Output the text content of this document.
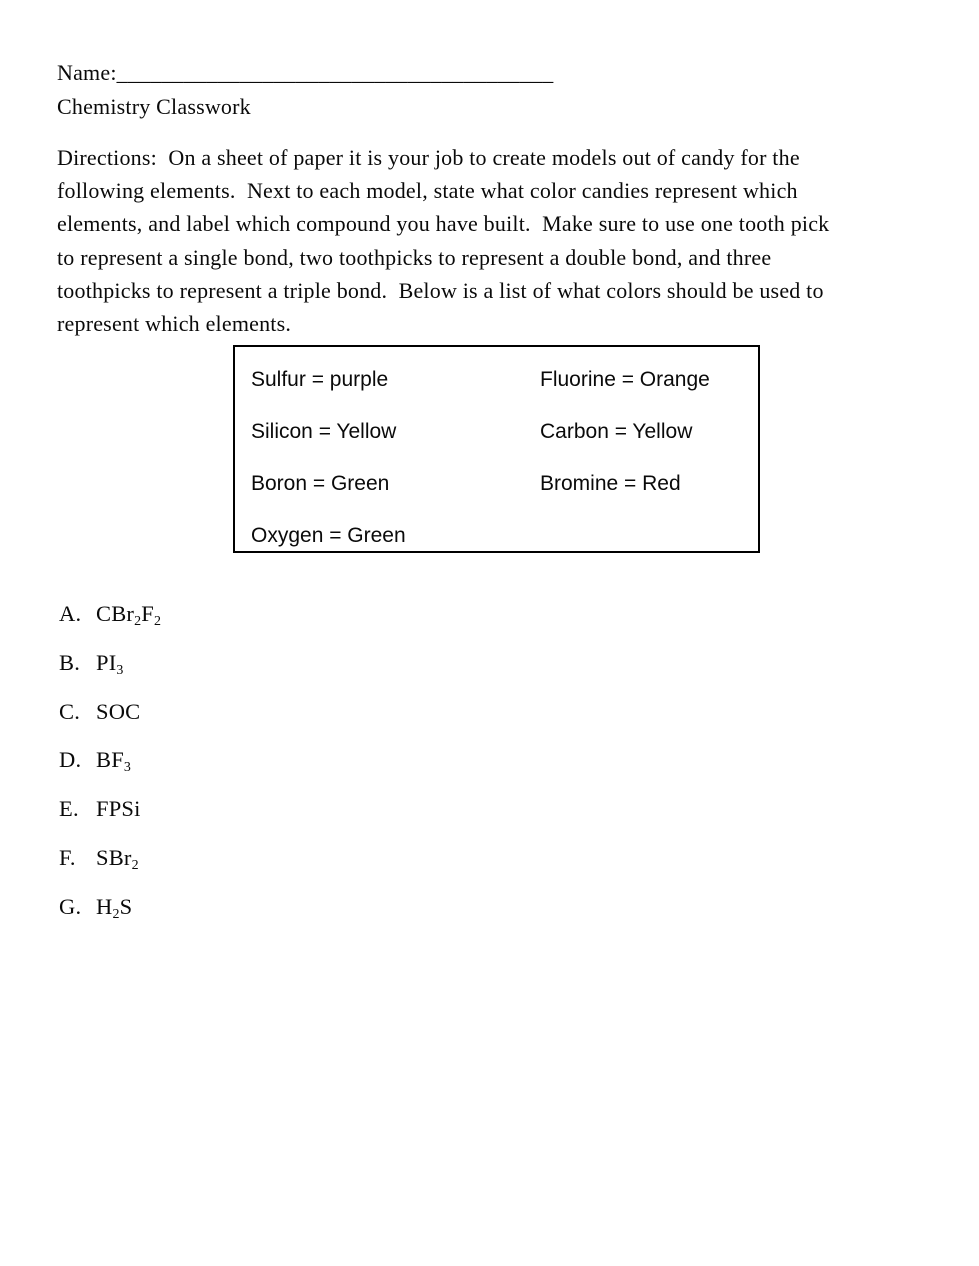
Name:_______________________________________
Chemistry Classwork
Directions:  On a sheet of paper it is your job to create models out of candy for the
following elements.  Next to each model, state what color candies represent which
elements, and label which compound you have built.  Make sure to use one tooth pick
to represent a single bond, two toothpicks to represent a double bond, and three
toothpicks to represent a triple bond.  Below is a list of what colors should be used to
represent which elements.
Sulfur = purple
Silicon = Yellow
Boron = Green
Oxygen = Green
Fluorine = Orange
Carbon = Yellow
Bromine = Red
A. $CBr_2F_2$
B. $PI_3$
C. SOC
D. $BF_3$
E. FPSi
F. SBr$_2$
G. $H_2S$
